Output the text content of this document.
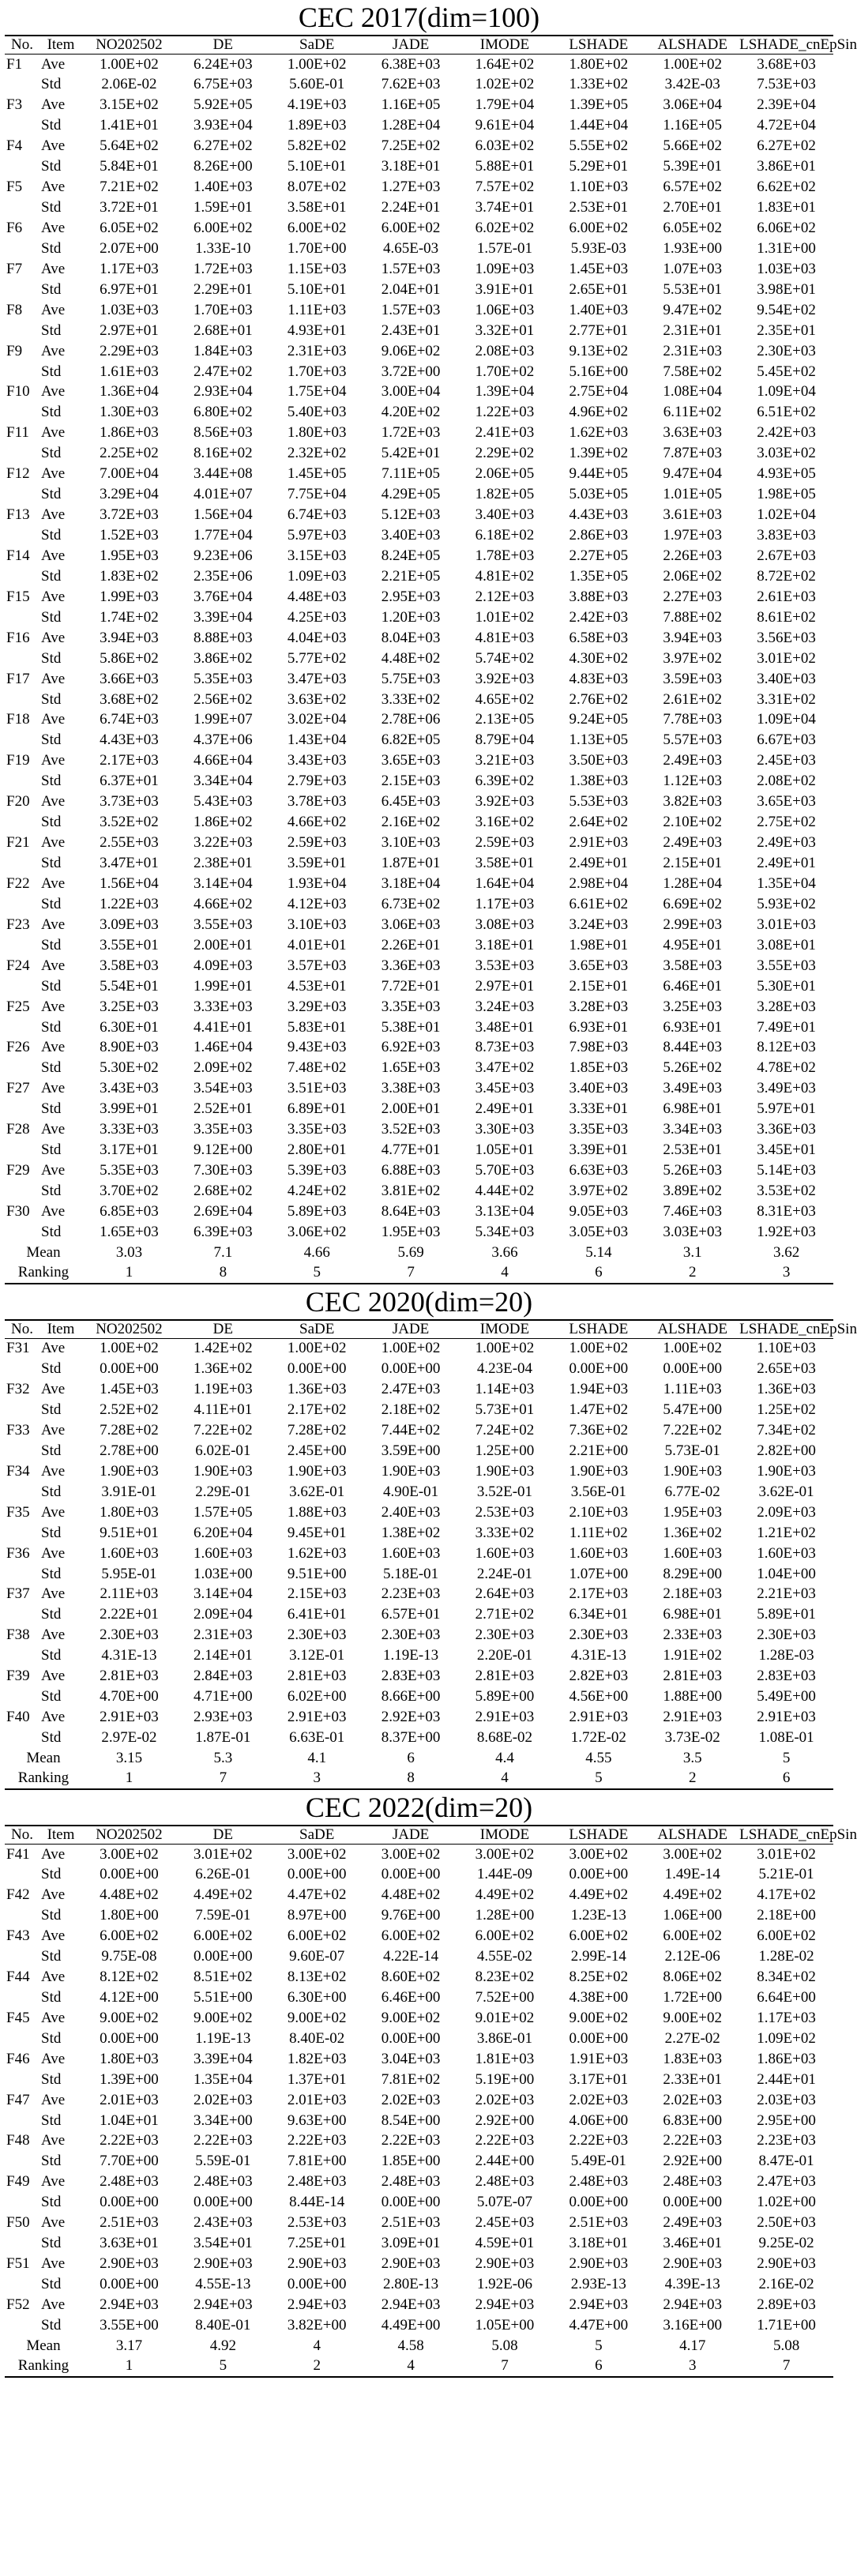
CEC 2017(dim=100)
No.	Item	NO202502	DE	SaDE	JADE	IMODE	LSHADE	ALSHADE	LSHADE_cnEpSin
F1	Ave	1.00E+02	6.24E+03	1.00E+02	6.38E+03	1.64E+02	1.80E+02	1.00E+02	3.68E+03
	Std	2.06E-02	6.75E+03	5.60E-01	7.62E+03	1.02E+02	1.33E+02	3.42E-03	7.53E+03
F3	Ave	3.15E+02	5.92E+05	4.19E+03	1.16E+05	1.79E+04	1.39E+05	3.06E+04	2.39E+04
	Std	1.41E+01	3.93E+04	1.89E+03	1.28E+04	9.61E+04	1.44E+04	1.16E+05	4.72E+04
F4	Ave	5.64E+02	6.27E+02	5.82E+02	7.25E+02	6.03E+02	5.55E+02	5.66E+02	6.27E+02
	Std	5.84E+01	8.26E+00	5.10E+01	3.18E+01	5.88E+01	5.29E+01	5.39E+01	3.86E+01
F5	Ave	7.21E+02	1.40E+03	8.07E+02	1.27E+03	7.57E+02	1.10E+03	6.57E+02	6.62E+02
	Std	3.72E+01	1.59E+01	3.58E+01	2.24E+01	3.74E+01	2.53E+01	2.70E+01	1.83E+01
F6	Ave	6.05E+02	6.00E+02	6.00E+02	6.00E+02	6.02E+02	6.00E+02	6.05E+02	6.06E+02
	Std	2.07E+00	1.33E-10	1.70E+00	4.65E-03	1.57E-01	5.93E-03	1.93E+00	1.31E+00
F7	Ave	1.17E+03	1.72E+03	1.15E+03	1.57E+03	1.09E+03	1.45E+03	1.07E+03	1.03E+03
	Std	6.97E+01	2.29E+01	5.10E+01	2.04E+01	3.91E+01	2.65E+01	5.53E+01	3.98E+01
F8	Ave	1.03E+03	1.70E+03	1.11E+03	1.57E+03	1.06E+03	1.40E+03	9.47E+02	9.54E+02
	Std	2.97E+01	2.68E+01	4.93E+01	2.43E+01	3.32E+01	2.77E+01	2.31E+01	2.35E+01
F9	Ave	2.29E+03	1.84E+03	2.31E+03	9.06E+02	2.08E+03	9.13E+02	2.31E+03	2.30E+03
	Std	1.61E+03	2.47E+02	1.70E+03	3.72E+00	1.70E+02	5.16E+00	7.58E+02	5.45E+02
F10	Ave	1.36E+04	2.93E+04	1.75E+04	3.00E+04	1.39E+04	2.75E+04	1.08E+04	1.09E+04
	Std	1.30E+03	6.80E+02	5.40E+03	4.20E+02	1.22E+03	4.96E+02	6.11E+02	6.51E+02
F11	Ave	1.86E+03	8.56E+03	1.80E+03	1.72E+03	2.41E+03	1.62E+03	3.63E+03	2.42E+03
	Std	2.25E+02	8.16E+02	2.32E+02	5.42E+01	2.29E+02	1.39E+02	7.87E+03	3.03E+02
F12	Ave	7.00E+04	3.44E+08	1.45E+05	7.11E+05	2.06E+05	9.44E+05	9.47E+04	4.93E+05
	Std	3.29E+04	4.01E+07	7.75E+04	4.29E+05	1.82E+05	5.03E+05	1.01E+05	1.98E+05
F13	Ave	3.72E+03	1.56E+04	6.74E+03	5.12E+03	3.40E+03	4.43E+03	3.61E+03	1.02E+04
	Std	1.52E+03	1.77E+04	5.97E+03	3.40E+03	6.18E+02	2.86E+03	1.97E+03	3.83E+03
F14	Ave	1.95E+03	9.23E+06	3.15E+03	8.24E+05	1.78E+03	2.27E+05	2.26E+03	2.67E+03
	Std	1.83E+02	2.35E+06	1.09E+03	2.21E+05	4.81E+02	1.35E+05	2.06E+02	8.72E+02
F15	Ave	1.99E+03	3.76E+04	4.48E+03	2.95E+03	2.12E+03	3.88E+03	2.27E+03	2.61E+03
	Std	1.74E+02	3.39E+04	4.25E+03	1.20E+03	1.01E+02	2.42E+03	7.88E+02	8.61E+02
F16	Ave	3.94E+03	8.88E+03	4.04E+03	8.04E+03	4.81E+03	6.58E+03	3.94E+03	3.56E+03
	Std	5.86E+02	3.86E+02	5.77E+02	4.48E+02	5.74E+02	4.30E+02	3.97E+02	3.01E+02
F17	Ave	3.66E+03	5.35E+03	3.47E+03	5.75E+03	3.92E+03	4.83E+03	3.59E+03	3.40E+03
	Std	3.68E+02	2.56E+02	3.63E+02	3.33E+02	4.65E+02	2.76E+02	2.61E+02	3.31E+02
F18	Ave	6.74E+03	1.99E+07	3.02E+04	2.78E+06	2.13E+05	9.24E+05	7.78E+03	1.09E+04
	Std	4.43E+03	4.37E+06	1.43E+04	6.82E+05	8.79E+04	1.13E+05	5.57E+03	6.67E+03
F19	Ave	2.17E+03	4.66E+04	3.43E+03	3.65E+03	3.21E+03	3.50E+03	2.49E+03	2.45E+03
	Std	6.37E+01	3.34E+04	2.79E+03	2.15E+03	6.39E+02	1.38E+03	1.12E+03	2.08E+02
F20	Ave	3.73E+03	5.43E+03	3.78E+03	6.45E+03	3.92E+03	5.53E+03	3.82E+03	3.65E+03
	Std	3.52E+02	1.86E+02	4.66E+02	2.16E+02	3.16E+02	2.64E+02	2.10E+02	2.75E+02
F21	Ave	2.55E+03	3.22E+03	2.59E+03	3.10E+03	2.59E+03	2.91E+03	2.49E+03	2.49E+03
	Std	3.47E+01	2.38E+01	3.59E+01	1.87E+01	3.58E+01	2.49E+01	2.15E+01	2.49E+01
F22	Ave	1.56E+04	3.14E+04	1.93E+04	3.18E+04	1.64E+04	2.98E+04	1.28E+04	1.35E+04
	Std	1.22E+03	4.66E+02	4.12E+03	6.73E+02	1.17E+03	6.61E+02	6.69E+02	5.93E+02
F23	Ave	3.09E+03	3.55E+03	3.10E+03	3.06E+03	3.08E+03	3.24E+03	2.99E+03	3.01E+03
	Std	3.55E+01	2.00E+01	4.01E+01	2.26E+01	3.18E+01	1.98E+01	4.95E+01	3.08E+01
F24	Ave	3.58E+03	4.09E+03	3.57E+03	3.36E+03	3.53E+03	3.65E+03	3.58E+03	3.55E+03
	Std	5.54E+01	1.99E+01	4.53E+01	7.72E+01	2.97E+01	2.15E+01	6.46E+01	5.30E+01
F25	Ave	3.25E+03	3.33E+03	3.29E+03	3.35E+03	3.24E+03	3.28E+03	3.25E+03	3.28E+03
	Std	6.30E+01	4.41E+01	5.83E+01	5.38E+01	3.48E+01	6.93E+01	6.93E+01	7.49E+01
F26	Ave	8.90E+03	1.46E+04	9.43E+03	6.92E+03	8.73E+03	7.98E+03	8.44E+03	8.12E+03
	Std	5.30E+02	2.09E+02	7.48E+02	1.65E+03	3.47E+02	1.85E+03	5.26E+02	4.78E+02
F27	Ave	3.43E+03	3.54E+03	3.51E+03	3.38E+03	3.45E+03	3.40E+03	3.49E+03	3.49E+03
	Std	3.99E+01	2.52E+01	6.89E+01	2.00E+01	2.49E+01	3.33E+01	6.98E+01	5.97E+01
F28	Ave	3.33E+03	3.35E+03	3.35E+03	3.52E+03	3.30E+03	3.35E+03	3.34E+03	3.36E+03
	Std	3.17E+01	9.12E+00	2.80E+01	4.77E+01	1.05E+01	3.39E+01	2.53E+01	3.45E+01
F29	Ave	5.35E+03	7.30E+03	5.39E+03	6.88E+03	5.70E+03	6.63E+03	5.26E+03	5.14E+03
	Std	3.70E+02	2.68E+02	4.24E+02	3.81E+02	4.44E+02	3.97E+02	3.89E+02	3.53E+02
F30	Ave	6.85E+03	2.69E+04	5.89E+03	8.64E+03	3.13E+04	9.05E+03	7.46E+03	8.31E+03
	Std	1.65E+03	6.39E+03	3.06E+02	1.95E+03	5.34E+03	3.05E+03	3.03E+03	1.92E+03
Mean		3.03	7.1	4.66	5.69	3.66	5.14	3.1	3.62
Ranking		1	8	5	7	4	6	2	3
CEC 2020(dim=20)
No.	Item	NO202502	DE	SaDE	JADE	IMODE	LSHADE	ALSHADE	LSHADE_cnEpSin
F31	Ave	1.00E+02	1.42E+02	1.00E+02	1.00E+02	1.00E+02	1.00E+02	1.00E+02	1.10E+03
	Std	0.00E+00	1.36E+02	0.00E+00	0.00E+00	4.23E-04	0.00E+00	0.00E+00	2.65E+03
F32	Ave	1.45E+03	1.19E+03	1.36E+03	2.47E+03	1.14E+03	1.94E+03	1.11E+03	1.36E+03
	Std	2.52E+02	4.11E+01	2.17E+02	2.18E+02	5.73E+01	1.47E+02	5.47E+00	1.25E+02
F33	Ave	7.28E+02	7.22E+02	7.28E+02	7.44E+02	7.24E+02	7.36E+02	7.22E+02	7.34E+02
	Std	2.78E+00	6.02E-01	2.45E+00	3.59E+00	1.25E+00	2.21E+00	5.73E-01	2.82E+00
F34	Ave	1.90E+03	1.90E+03	1.90E+03	1.90E+03	1.90E+03	1.90E+03	1.90E+03	1.90E+03
	Std	3.91E-01	2.29E-01	3.62E-01	4.90E-01	3.52E-01	3.56E-01	6.77E-02	3.62E-01
F35	Ave	1.80E+03	1.57E+05	1.88E+03	2.40E+03	2.53E+03	2.10E+03	1.95E+03	2.09E+03
	Std	9.51E+01	6.20E+04	9.45E+01	1.38E+02	3.33E+02	1.11E+02	1.36E+02	1.21E+02
F36	Ave	1.60E+03	1.60E+03	1.62E+03	1.60E+03	1.60E+03	1.60E+03	1.60E+03	1.60E+03
	Std	5.95E-01	1.03E+00	9.51E+00	5.18E-01	2.24E-01	1.07E+00	8.29E+00	1.04E+00
F37	Ave	2.11E+03	3.14E+04	2.15E+03	2.23E+03	2.64E+03	2.17E+03	2.18E+03	2.21E+03
	Std	2.22E+01	2.09E+04	6.41E+01	6.57E+01	2.71E+02	6.34E+01	6.98E+01	5.89E+01
F38	Ave	2.30E+03	2.31E+03	2.30E+03	2.30E+03	2.30E+03	2.30E+03	2.33E+03	2.30E+03
	Std	4.31E-13	2.14E+01	3.12E-01	1.19E-13	2.20E-01	4.31E-13	1.91E+02	1.28E-03
F39	Ave	2.81E+03	2.84E+03	2.81E+03	2.83E+03	2.81E+03	2.82E+03	2.81E+03	2.83E+03
	Std	4.70E+00	4.71E+00	6.02E+00	8.66E+00	5.89E+00	4.56E+00	1.88E+00	5.49E+00
F40	Ave	2.91E+03	2.93E+03	2.91E+03	2.92E+03	2.91E+03	2.91E+03	2.91E+03	2.91E+03
	Std	2.97E-02	1.87E-01	6.63E-01	8.37E+00	8.68E-02	1.72E-02	3.73E-02	1.08E-01
Mean		3.15	5.3	4.1	6	4.4	4.55	3.5	5
Ranking		1	7	3	8	4	5	2	6
CEC 2022(dim=20)
No.	Item	NO202502	DE	SaDE	JADE	IMODE	LSHADE	ALSHADE	LSHADE_cnEpSin
F41	Ave	3.00E+02	3.01E+02	3.00E+02	3.00E+02	3.00E+02	3.00E+02	3.00E+02	3.01E+02
	Std	0.00E+00	6.26E-01	0.00E+00	0.00E+00	1.44E-09	0.00E+00	1.49E-14	5.21E-01
F42	Ave	4.48E+02	4.49E+02	4.47E+02	4.48E+02	4.49E+02	4.49E+02	4.49E+02	4.17E+02
	Std	1.80E+00	7.59E-01	8.97E+00	9.76E+00	1.28E+00	1.23E-13	1.06E+00	2.18E+00
F43	Ave	6.00E+02	6.00E+02	6.00E+02	6.00E+02	6.00E+02	6.00E+02	6.00E+02	6.00E+02
	Std	9.75E-08	0.00E+00	9.60E-07	4.22E-14	4.55E-02	2.99E-14	2.12E-06	1.28E-02
F44	Ave	8.12E+02	8.51E+02	8.13E+02	8.60E+02	8.23E+02	8.25E+02	8.06E+02	8.34E+02
	Std	4.12E+00	5.51E+00	6.30E+00	6.46E+00	7.52E+00	4.38E+00	1.72E+00	6.64E+00
F45	Ave	9.00E+02	9.00E+02	9.00E+02	9.00E+02	9.01E+02	9.00E+02	9.00E+02	1.17E+03
	Std	0.00E+00	1.19E-13	8.40E-02	0.00E+00	3.86E-01	0.00E+00	2.27E-02	1.09E+02
F46	Ave	1.80E+03	3.39E+04	1.82E+03	3.04E+03	1.81E+03	1.91E+03	1.83E+03	1.86E+03
	Std	1.39E+00	1.35E+04	1.37E+01	7.81E+02	5.19E+00	3.17E+01	2.33E+01	2.44E+01
F47	Ave	2.01E+03	2.02E+03	2.01E+03	2.02E+03	2.02E+03	2.02E+03	2.02E+03	2.03E+03
	Std	1.04E+01	3.34E+00	9.63E+00	8.54E+00	2.92E+00	4.06E+00	6.83E+00	2.95E+00
F48	Ave	2.22E+03	2.22E+03	2.22E+03	2.22E+03	2.22E+03	2.22E+03	2.22E+03	2.23E+03
	Std	7.70E+00	5.59E-01	7.81E+00	1.85E+00	2.44E+00	5.49E-01	2.92E+00	8.47E-01
F49	Ave	2.48E+03	2.48E+03	2.48E+03	2.48E+03	2.48E+03	2.48E+03	2.48E+03	2.47E+03
	Std	0.00E+00	0.00E+00	8.44E-14	0.00E+00	5.07E-07	0.00E+00	0.00E+00	1.02E+00
F50	Ave	2.51E+03	2.43E+03	2.53E+03	2.51E+03	2.45E+03	2.51E+03	2.49E+03	2.50E+03
	Std	3.63E+01	3.54E+01	7.25E+01	3.09E+01	4.59E+01	3.18E+01	3.46E+01	9.25E-02
F51	Ave	2.90E+03	2.90E+03	2.90E+03	2.90E+03	2.90E+03	2.90E+03	2.90E+03	2.90E+03
	Std	0.00E+00	4.55E-13	0.00E+00	2.80E-13	1.92E-06	2.93E-13	4.39E-13	2.16E-02
F52	Ave	2.94E+03	2.94E+03	2.94E+03	2.94E+03	2.94E+03	2.94E+03	2.94E+03	2.89E+03
	Std	3.55E+00	8.40E-01	3.82E+00	4.49E+00	1.05E+00	4.47E+00	3.16E+00	1.71E+00
Mean		3.17	4.92	4	4.58	5.08	5	4.17	5.08
Ranking		1	5	2	4	7	6	3	7
